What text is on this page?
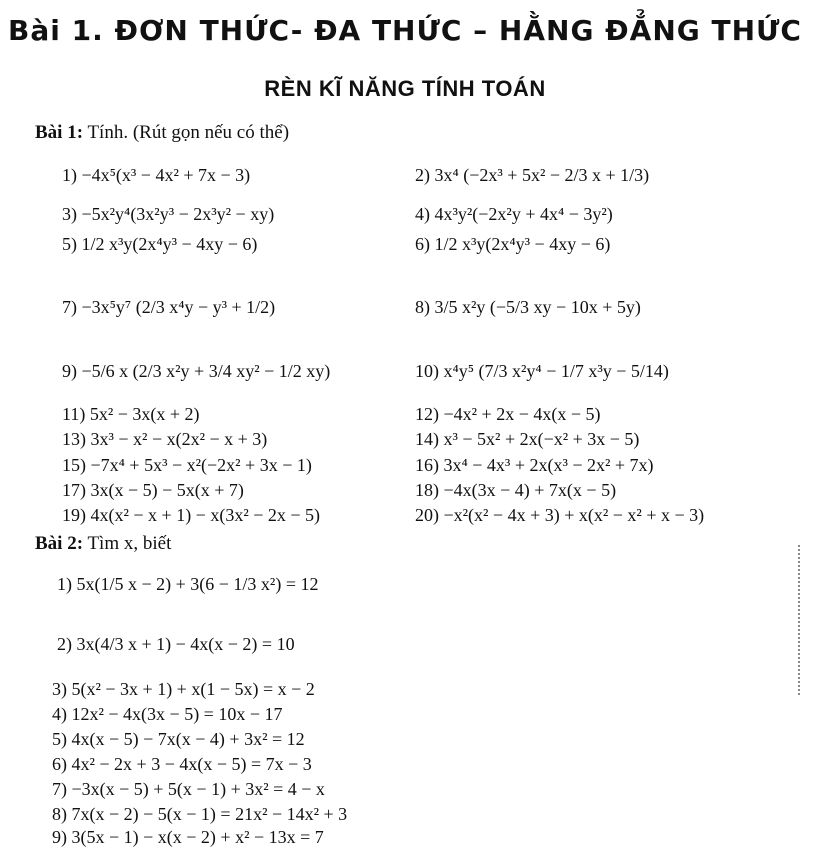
Bài 1. ĐƠN THỨC- ĐA THỨC – HẰNG ĐẲNG THỨC
RÈN KĨ NĂNG TÍNH TOÁN
Bài 1: Tính. (Rút gọn nếu có thể)
1) −4x⁵(x³ − 4x² + 7x − 3)
3) −5x²y⁴(3x²y³ − 2x³y² − xy)
5) 1/2 x³y(2x⁴y³ − 4xy − 6)
7) −3x⁵y⁷ (2/3 x⁴y − y³ + 1/2)
9) −5/6 x (2/3 x²y + 3/4 xy² − 1/2 xy)
11) 5x² − 3x(x + 2)
13) 3x³ − x² − x(2x² − x + 3)
15) −7x⁴ + 5x³ − x²(−2x² + 3x − 1)
17) 3x(x − 5) − 5x(x + 7)
19) 4x(x² − x + 1) − x(3x² − 2x − 5)
2) 3x⁴ (−2x³ + 5x² − 2/3 x + 1/3)
4) 4x³y²(−2x²y + 4x⁴ − 3y²)
6) 1/2 x³y(2x⁴y³ − 4xy − 6)
8) 3/5 x²y (−5/3 xy − 10x + 5y)
10) x⁴y⁵ (7/3 x²y⁴ − 1/7 x³y − 5/14)
12) −4x² + 2x − 4x(x − 5)
14) x³ − 5x² + 2x(−x² + 3x − 5)
16) 3x⁴ − 4x³ + 2x(x³ − 2x² + 7x)
18) −4x(3x − 4) + 7x(x − 5)
20) −x²(x² − 4x + 3) + x(x² − x² + x − 3)
Bài 2: Tìm x, biết
1) 5x(1/5 x − 2) + 3(6 − 1/3 x²) = 12
2) 3x(4/3 x + 1) − 4x(x − 2) = 10
3) 5(x² − 3x + 1) + x(1 − 5x) = x − 2
4) 12x² − 4x(3x − 5) = 10x − 17
5) 4x(x − 5) − 7x(x − 4) + 3x² = 12
6) 4x² − 2x + 3 − 4x(x − 5) = 7x − 3
7) −3x(x − 5) + 5(x − 1) + 3x² = 4 − x
8) 7x(x − 2) − 5(x − 1) = 21x² − 14x² + 3
9) 3(5x − 1) − x(x − 2) + x² − 13x = 7
